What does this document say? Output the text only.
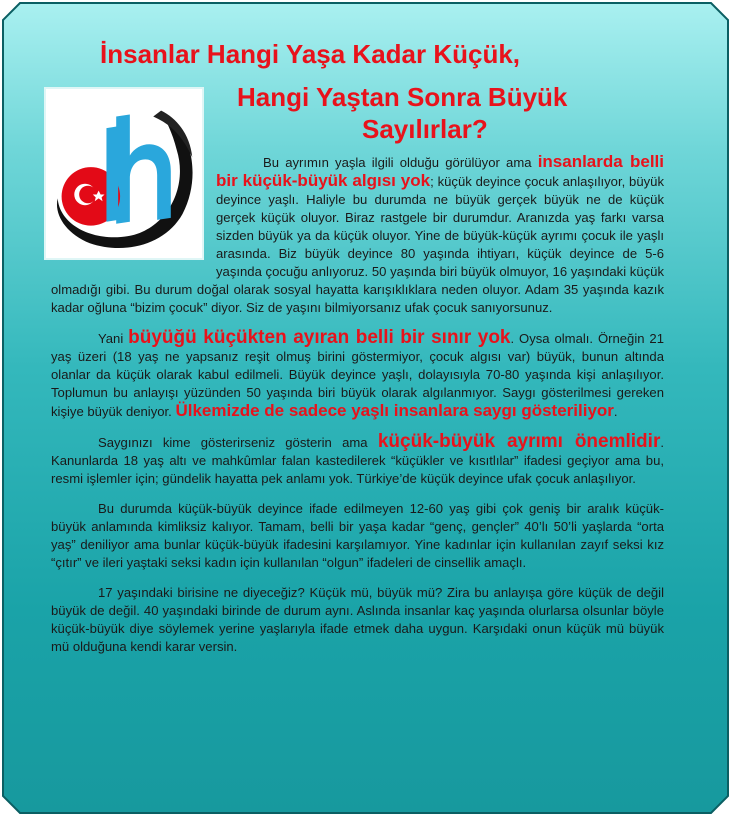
İnsanlar Hangi Yaşa Kadar Küçük,
Hangi Yaştan Sonra Büyük
Sayılırlar?

Bu ayrımın yaşla ilgili olduğu görülüyor ama insanlarda belli bir küçük-büyük algısı yok; küçük deyince çocuk anlaşılıyor, büyük deyince yaşlı. Haliyle bu durumda ne büyük gerçek büyük ne de küçük gerçek küçük oluyor. Biraz rastgele bir durumdur. Aranızda yaş farkı varsa sizden büyük ya da küçük oluyor. Yine de büyük-küçük ayrımı çocuk ile yaşlı arasında. Biz büyük deyince 80 yaşında ihtiyarı, küçük deyince de 5-6 yaşında çocuğu anlıyoruz. 50 yaşında biri büyük olmuyor, 16 yaşındaki küçük olmadığı gibi. Bu durum doğal olarak sosyal hayatta karışıklıklara neden oluyor. Adam 35 yaşında kazık kadar oğluna “bizim çocuk” diyor. Siz de yaşını bilmiyorsanız ufak çocuk sanıyorsunuz.

Yani büyüğü küçükten ayıran belli bir sınır yok. Oysa olmalı. Örneğin 21 yaş üzeri (18 yaş ne yapsanız reşit olmuş birini göstermiyor, çocuk algısı var) büyük, bunun altında olanlar da küçük olarak kabul edilmeli. Büyük deyince yaşlı, dolayısıyla 70-80 yaşında kişi anlaşılıyor. Toplumun bu anlayışı yüzünden 50 yaşında biri büyük olarak algılanmıyor. Saygı gösterilmesi gereken kişiye büyük deniyor. Ülkemizde de sadece yaşlı insanlara saygı gösteriliyor.

Saygınızı kime gösterirseniz gösterin ama küçük-büyük ayrımı önemlidir. Kanunlarda 18 yaş altı ve mahkûmlar falan kastedilerek “küçükler ve kısıtlılar” ifadesi geçiyor ama bu, resmi işlemler için; gündelik hayatta pek anlamı yok. Türkiye’de küçük deyince ufak çocuk anlaşılıyor.

Bu durumda küçük-büyük deyince ifade edilmeyen 12-60 yaş gibi çok geniş bir aralık küçük- büyük anlamında kimliksiz kalıyor. Tamam, belli bir yaşa kadar “genç, gençler” 40’lı 50’li yaşlarda “orta yaş” deniliyor ama bunlar küçük-büyük ifadesini karşılamıyor. Yine kadınlar için kullanılan zayıf seksi kız “çıtır” ve ileri yaştaki seksi kadın için kullanılan “olgun” ifadeleri de cinsellik amaçlı.

17 yaşındaki birisine ne diyeceğiz? Küçük mü, büyük mü? Zira bu anlayışa göre küçük de değil büyük de değil. 40 yaşındaki birinde de durum aynı. Aslında insanlar kaç yaşında olurlarsa olsunlar böyle küçük-büyük diye söylemek yerine yaşlarıyla ifade etmek daha uygun. Karşıdaki onun küçük mü büyük mü olduğuna kendi karar versin.
